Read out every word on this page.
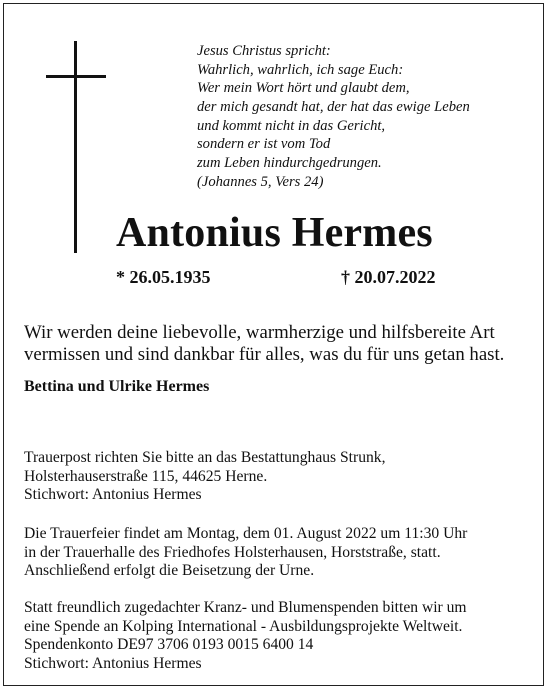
Jesus Christus spricht:
Wahrlich, wahrlich, ich sage Euch:
Wer mein Wort hört und glaubt dem,
der mich gesandt hat, der hat das ewige Leben
und kommt nicht in das Gericht,
sondern er ist vom Tod
zum Leben hindurchgedrungen.
(Johannes 5, Vers 24)
Antonius Hermes
* 26.05.1935	† 20.07.2022
Wir werden deine liebevolle, warmherzige und hilfsbereite Art
vermissen und sind dankbar für alles, was du für uns getan hast.
Bettina und Ulrike Hermes
Trauerpost richten Sie bitte an das Bestattunghaus Strunk,
Holsterhauserstraße 115, 44625 Herne.
Stichwort: Antonius Hermes
Die Trauerfeier findet am Montag, dem 01. August 2022 um 11:30 Uhr
in der Trauerhalle des Friedhofes Holsterhausen, Horststraße, statt.
Anschließend erfolgt die Beisetzung der Urne.
Statt freundlich zugedachter Kranz- und Blumenspenden bitten wir um
eine Spende an Kolping International - Ausbildungsprojekte Weltweit.
Spendenkonto DE97 3706 0193 0015 6400 14
Stichwort: Antonius Hermes
